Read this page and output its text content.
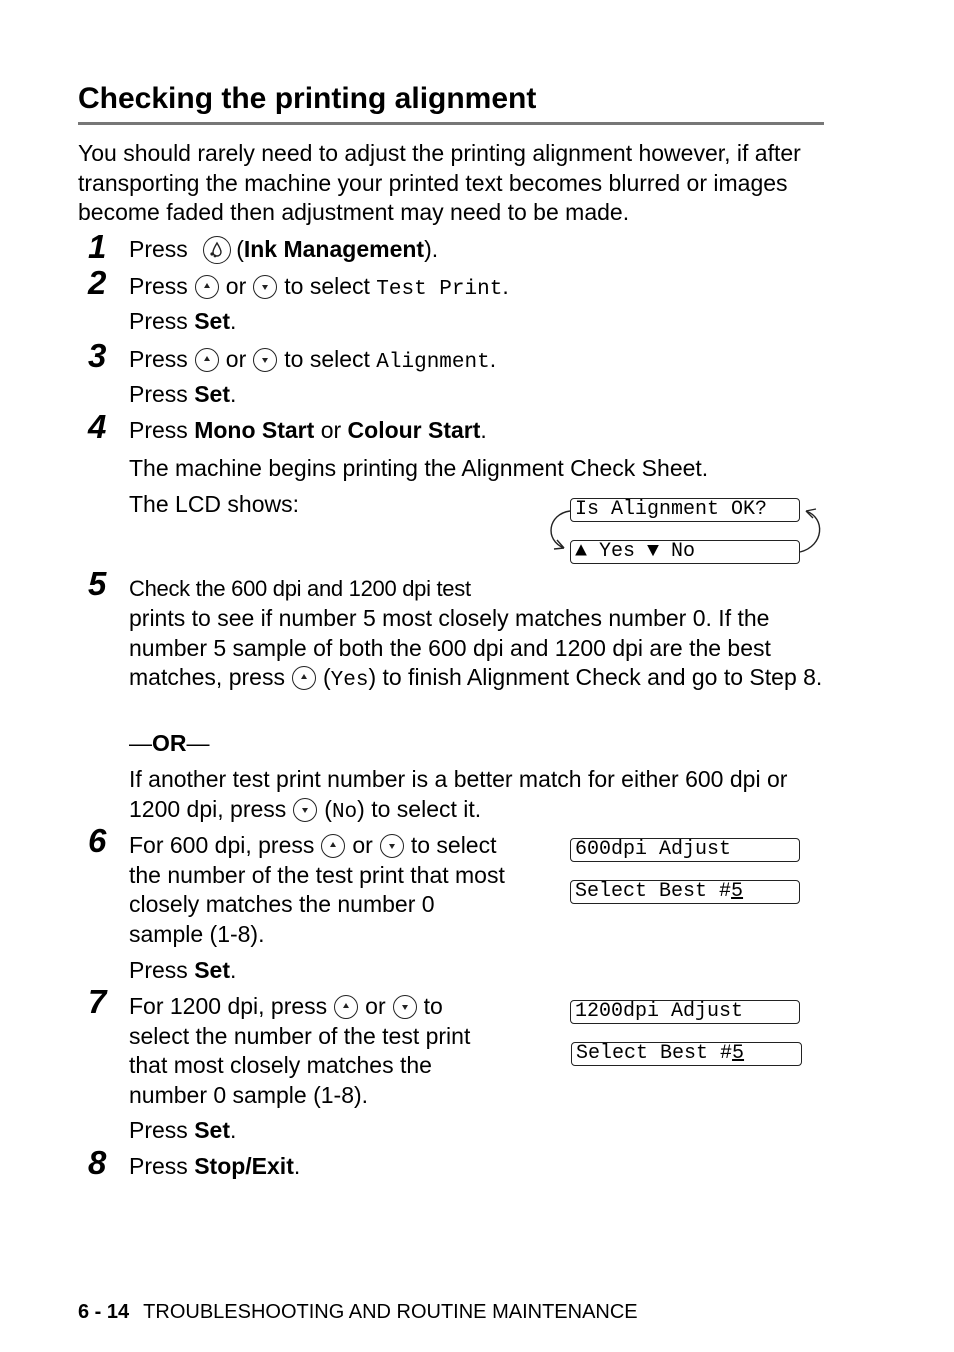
Checking the printing alignment
You should rarely need to adjust the printing alignment however, if after transporting the machine your printed text becomes blurred or images become faded then adjustment may need to be made.
1 Press (Ink Management).
2 Press or to select Test Print.
Press Set.
3 Press or to select Alignment.
Press Set.
4 Press Mono Start or Colour Start.
The machine begins printing the Alignment Check Sheet.
The LCD shows:	Is Alignment OK?
▲ Yes ▼ No
5	Check the 600 dpi and 1200 dpi test
prints to see if number 5 most closely matches number 0. If the number 5 sample of both the 600 dpi and 1200 dpi are the best matches, press (Yes) to finish Alignment Check and go to Step 8.
—OR—
If another test print number is a better match for either 600 dpi or 1200 dpi, press (No) to select it.
6 For 600 dpi, press or to select the number of the test print that most closely matches the number 0 sample (1-8).
Press Set.
600dpi Adjust
Select Best #5
7 For 1200 dpi, press or to select the number of the test print that most closely matches the number 0 sample (1-8).
Press Set.
1200dpi Adjust
Select Best #5
8 Press Stop/Exit.
6 - 14 TROUBLESHOOTING AND ROUTINE MAINTENANCE
